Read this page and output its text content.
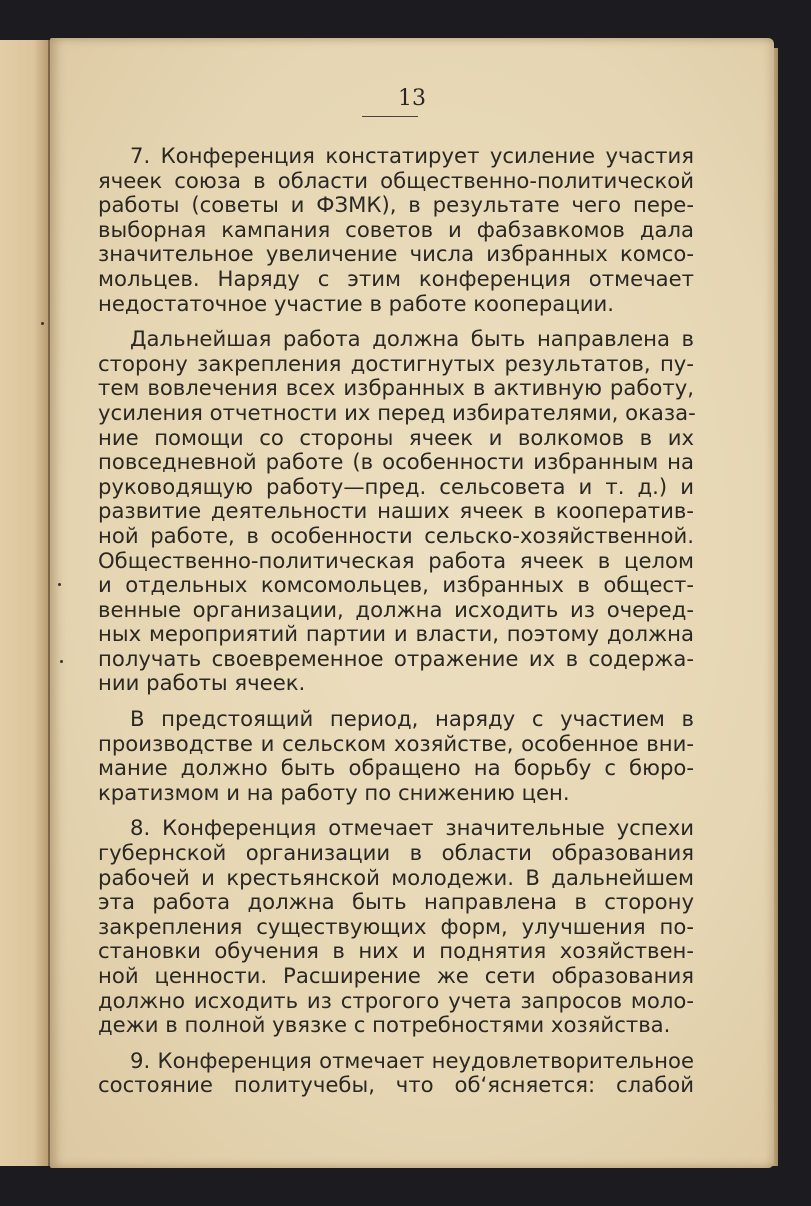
13
7. Конференция констатирует усиление участия
ячеек союза в области общественно-политической
работы (советы и ФЗМК), в результате чего пере-
выборная кампания советов и фабзавкомов дала
значительное увеличение числа избранных комсо-
мольцев. Наряду с этим конференция отмечает
недостаточное участие в работе кооперации.
Дальнейшая работа должна быть направлена в
сторону закрепления достигнутых результатов, пу-
тем вовлечения всех избранных в активную работу,
усиления отчетности их перед избирателями, оказа-
ние помощи со стороны ячеек и волкомов в их
повседневной работе (в особенности избранным на
руководящую работу—пред. сельсовета и т. д.) и
развитие деятельности наших ячеек в кооператив-
ной работе, в особенности сельско-хозяйственной.
Общественно-политическая работа ячеек в целом
и отдельных комсомольцев, избранных в общест-
венные организации, должна исходить из очеред-
ных мероприятий партии и власти, поэтому должна
получать своевременное отражение их в содержа-
нии работы ячеек.
В предстоящий период, наряду с участием в
производстве и сельском хозяйстве, особенное вни-
мание должно быть обращено на борьбу с бюро-
кратизмом и на работу по снижению цен.
8. Конференция отмечает значительные успехи
губернской организации в области образования
рабочей и крестьянской молодежи. В дальнейшем
эта работа должна быть направлена в сторону
закрепления существующих форм, улучшения по-
становки обучения в них и поднятия хозяйствен-
ной ценности. Расширение же сети образования
должно исходить из строгого учета запросов моло-
дежи в полной увязке с потребностями хозяйства.
9. Конференция отмечает неудовлетворительное
состояние политучебы, что об‘ясняется: слабой
